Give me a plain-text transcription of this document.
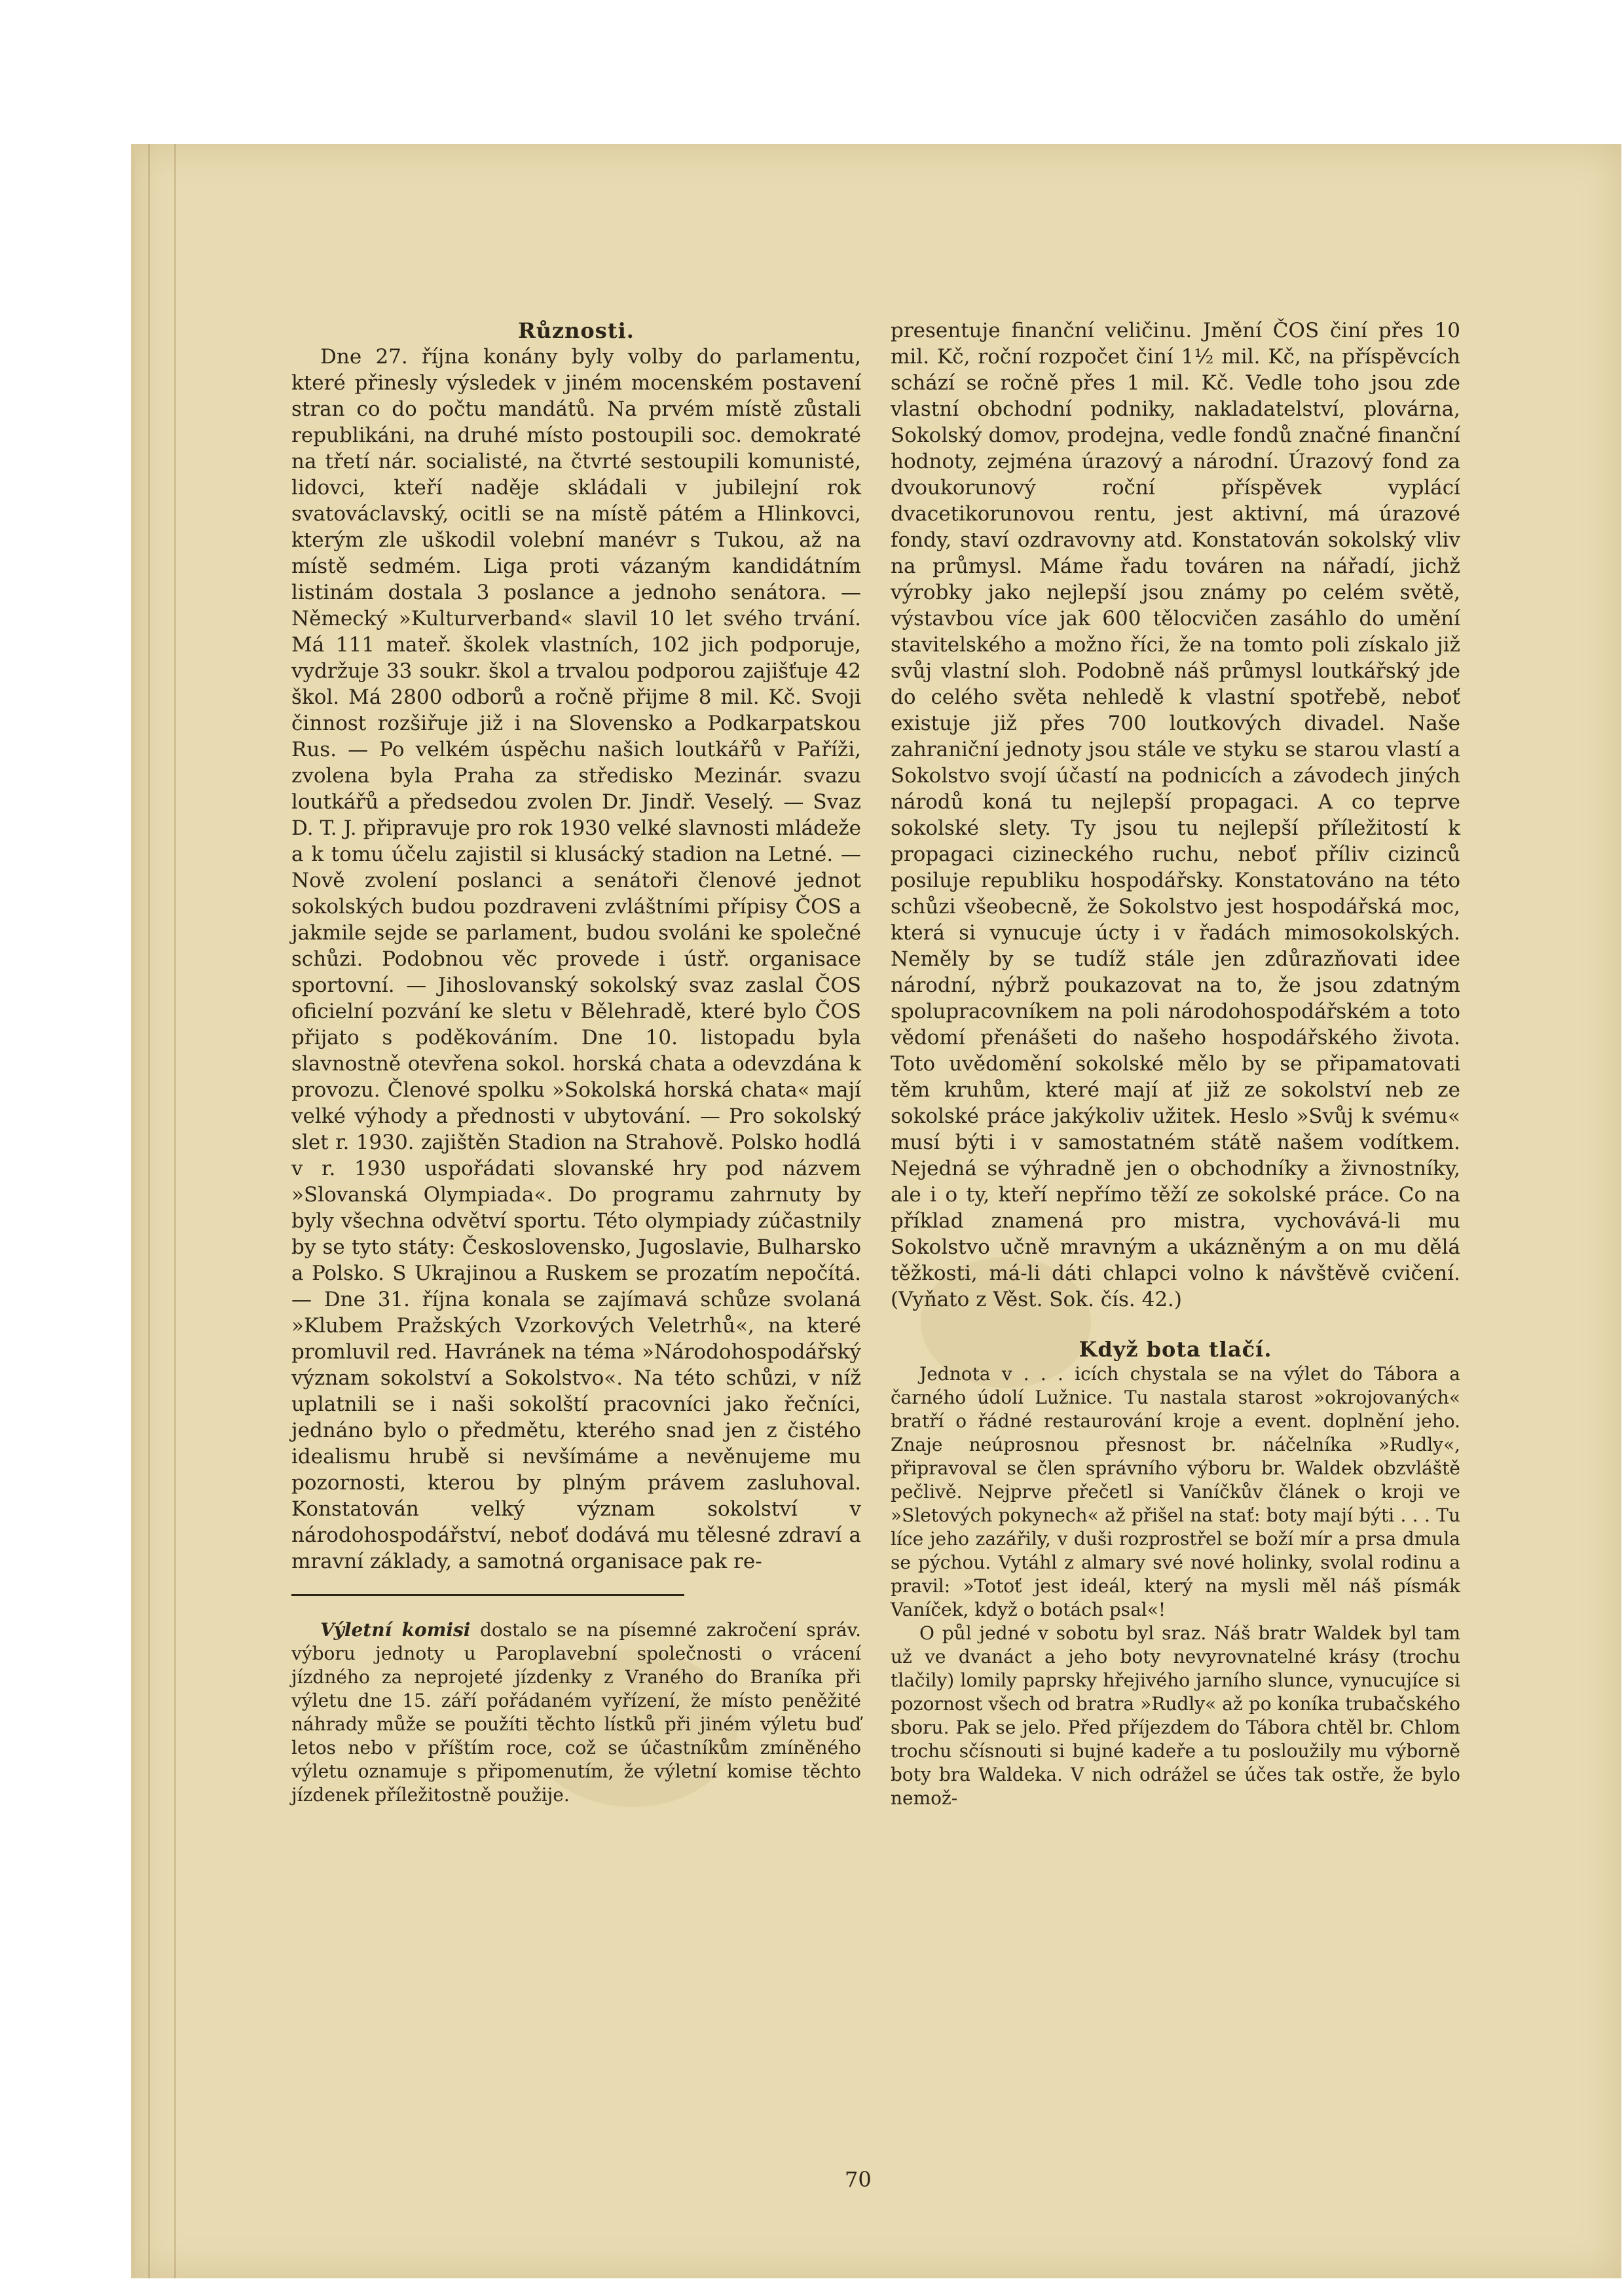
Různosti.

Dne 27. října konány byly volby do parlamentu, které přinesly výsledek v jiném mocenském postavení stran co do počtu mandátů. Na prvém místě zůstali republikáni, na druhé místo postoupili soc. demokraté na třetí nár. socialisté, na čtvrté sestoupili komunisté, lidovci, kteří naděje skládali v jubilejní rok svatováclavský, ocitli se na místě pátém a Hlinkovci, kterým zle uškodil volební manévr s Tukou, až na místě sedmém. Liga proti vázaným kandidátním listinám dostala 3 poslance a jednoho senátora. — Německý »Kulturverband« slavil 10 let svého trvání. Má 111 mateř. školek vlastních, 102 jich podporuje, vydržuje 33 soukr. škol a trvalou podporou zajišťuje 42 škol. Má 2800 odborů a ročně přijme 8 mil. Kč. Svoji činnost rozšiřuje již i na Slovensko a Podkarpatskou Rus. — Po velkém úspěchu našich loutkářů v Paříži, zvolena byla Praha za středisko Mezinár. svazu loutkářů a předsedou zvolen Dr. Jindř. Veselý. — Svaz D. T. J. připravuje pro rok 1930 velké slavnosti mládeže a k tomu účelu zajistil si klusácký stadion na Letné. — Nově zvolení poslanci a senátoři členové jednot sokolských budou pozdraveni zvláštními přípisy ČOS a jakmile sejde se parlament, budou svoláni ke společné schůzi. Podobnou věc provede i ústř. organisace sportovní. — Jihoslovanský sokolský svaz zaslal ČOS oficielní pozvání ke sletu v Bělehradě, které bylo ČOS přijato s poděkováním. Dne 10. listopadu byla slavnostně otevřena sokol. horská chata a odevzdána k provozu. Členové spolku »Sokolská horská chata« mají velké výhody a přednosti v ubytování. — Pro sokolský slet r. 1930. zajištěn Stadion na Strahově. Polsko hodlá v r. 1930 uspořádati slovanské hry pod názvem »Slovanská Olympiada«. Do programu zahrnuty by byly všechna odvětví sportu. Této olympiady zúčastnily by se tyto státy: Československo, Jugoslavie, Bulharsko a Polsko. S Ukrajinou a Ruskem se prozatím nepočítá. — Dne 31. října konala se zajímavá schůze svolaná »Klubem Pražských Vzorkových Veletrhů«, na které promluvil red. Havránek na téma »Národohospodářský význam sokolství a Sokolstvo«. Na této schůzi, v níž uplatnili se i naši sokolští pracovníci jako řečníci, jednáno bylo o předmětu, kterého snad jen z čistého idealismu hrubě si nevšímáme a nevěnujeme mu pozornosti, kterou by plným právem zasluhoval. Konstatován velký význam sokolství v národohospodářství, neboť dodává mu tělesné zdraví a mravní základy, a samotná organisace pak re-

Výletní komisi dostalo se na písemné zakročení správ. výboru jednoty u Paroplavební společnosti o vrácení jízdného za neprojeté jízdenky z Vraného do Braníka při výletu dne 15. září pořádaném vyřízení, že místo peněžité náhrady může se použíti těchto lístků při jiném výletu buď letos nebo v příštím roce, což se účastníkům zmíněného výletu oznamuje s připomenutím, že výletní komise těchto jízdenek příležitostně použije.

presentuje finanční veličinu. Jmění ČOS činí přes 10 mil. Kč, roční rozpočet činí 1½ mil. Kč, na příspěvcích schází se ročně přes 1 mil. Kč. Vedle toho jsou zde vlastní obchodní podniky, nakladatelství, plovárna, Sokolský domov, prodejna, vedle fondů značné finanční hodnoty, zejména úrazový a národní. Úrazový fond za dvoukorunový roční příspěvek vyplácí dvacetikorunovou rentu, jest aktivní, má úrazové fondy, staví ozdravovny atd. Konstatován sokolský vliv na průmysl. Máme řadu továren na nářadí, jichž výrobky jako nejlepší jsou známy po celém světě, výstavbou více jak 600 tělocvičen zasáhlo do umění stavitelského a možno říci, že na tomto poli získalo již svůj vlastní sloh. Podobně náš průmysl loutkářský jde do celého světa nehledě k vlastní spotřebě, neboť existuje již přes 700 loutkových divadel. Naše zahraniční jednoty jsou stále ve styku se starou vlastí a Sokolstvo svojí účastí na podnicích a závodech jiných národů koná tu nejlepší propagaci. A co teprve sokolské slety. Ty jsou tu nejlepší příležitostí k propagaci cizineckého ruchu, neboť příliv cizinců posiluje republiku hospodářsky. Konstatováno na této schůzi všeobecně, že Sokolstvo jest hospodářská moc, která si vynucuje úcty i v řadách mimosokolských. Neměly by se tudíž stále jen zdůrazňovati idee národní, nýbrž poukazovat na to, že jsou zdatným spolupracovníkem na poli národohospodářském a toto vědomí přenášeti do našeho hospodářského života. Toto uvědomění sokolské mělo by se připamatovati těm kruhům, které mají ať již ze sokolství neb ze sokolské práce jakýkoliv užitek. Heslo »Svůj k svému« musí býti i v samostatném státě našem vodítkem. Nejedná se výhradně jen o obchodníky a živnostníky, ale i o ty, kteří nepřímo těží ze sokolské práce. Co na příklad znamená pro mistra, vychovává-li mu Sokolstvo učně mravným a ukázněným a on mu dělá těžkosti, má-li dáti chlapci volno k návštěvě cvičení. (Vyňato z Věst. Sok. čís. 42.)

Když bota tlačí.

Jednota v . . . icích chystala se na výlet do Tábora a čarného údolí Lužnice. Tu nastala starost »okrojovaných« bratří o řádné restaurování kroje a event. doplnění jeho. Znaje neúprosnou přesnost br. náčelníka »Rudly«, připravoval se člen správního výboru br. Waldek obzvláště pečlivě. Nejprve přečetl si Vaníčkův článek o kroji ve »Sletových pokynech« až přišel na stať: boty mají býti . . . Tu líce jeho zazářily, v duši rozprostřel se boží mír a prsa dmula se pýchou. Vytáhl z almary své nové holinky, svolal rodinu a pravil: »Totoť jest ideál, který na mysli měl náš písmák Vaníček, když o botách psal«!

O půl jedné v sobotu byl sraz. Náš bratr Waldek byl tam už ve dvanáct a jeho boty nevyrovnatelné krásy (trochu tlačily) lomily paprsky hřejivého jarního slunce, vynucujíce si pozornost všech od bratra »Rudly« až po koníka trubačského sboru. Pak se jelo. Před příjezdem do Tábora chtěl br. Chlom trochu sčísnouti si bujné kadeře a tu posloužily mu výborně boty bra Waldeka. V nich odrážel se účes tak ostře, že bylo nemož-

70
